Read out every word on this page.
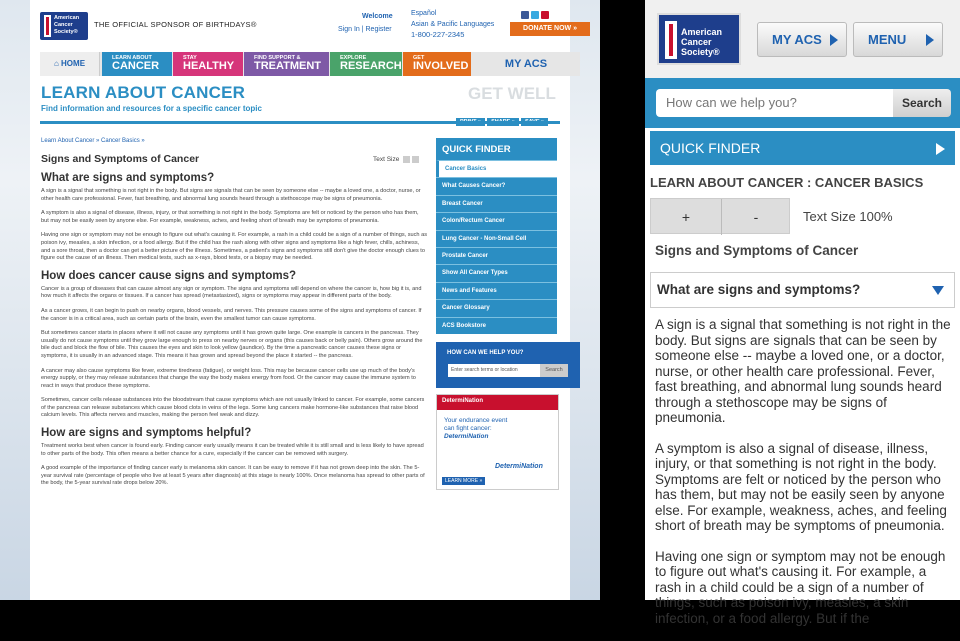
American Cancer Society®
THE OFFICIAL SPONSOR OF BIRTHDAYS®
Welcome
Sign In | Register
Español
Asian & Pacific Languages
1-800-227-2345
DONATE NOW »
⌂ HOME
LEARN ABOUT
CANCER
STAY
HEALTHY
FIND SUPPORT &
TREATMENT
EXPLORE
RESEARCH
GET
INVOLVED	MY ACS
LEARN ABOUT CANCER
Find information and resources for a specific cancer topic
GET WELL
Learn About Cancer » Cancer Basics »
Signs and Symptoms of Cancer	Text Size
What are signs and symptoms?

A sign is a signal that something is not right in the body. But signs are signals that can be seen by someone else -- maybe a loved one, a doctor, nurse, or other health care professional. Fever, fast breathing, and abnormal lung sounds heard through a stethoscope may be signs of pneumonia.

A symptom is also a signal of disease, illness, injury, or that something is not right in the body. Symptoms are felt or noticed by the person who has them, but may not be easily seen by anyone else. For example, weakness, aches, and feeling short of breath may be symptoms of pneumonia.

Having one sign or symptom may not be enough to figure out what's causing it. For example, a rash in a child could be a sign of a number of things, such as poison ivy, measles, a skin infection, or a food allergy. But if the child has the rash along with other signs and symptoms like a high fever, chills, achiness, and a sore throat, then a doctor can get a better picture of the illness. Sometimes, a patient's signs and symptoms still don't give the doctor enough clues to figure out the cause of an illness. Then medical tests, such as x-rays, blood tests, or a biopsy may be needed.

How does cancer cause signs and symptoms?

Cancer is a group of diseases that can cause almost any sign or symptom. The signs and symptoms will depend on where the cancer is, how big it is, and how much it affects the organs or tissues. If a cancer has spread (metastasized), signs or symptoms may appear in different parts of the body.

As a cancer grows, it can begin to push on nearby organs, blood vessels, and nerves. This pressure causes some of the signs and symptoms of cancer. If the cancer is in a critical area, such as certain parts of the brain, even the smallest tumor can cause symptoms.

But sometimes cancer starts in places where it will not cause any symptoms until it has grown quite large. One example is cancers in the pancreas. They usually do not cause symptoms until they grow large enough to press on nearby nerves or organs (this causes back or belly pain). Others grow around the bile duct and block the flow of bile. This causes the eyes and skin to look yellow (jaundice). By the time a pancreatic cancer causes these signs or symptoms, it is usually in an advanced stage. This means it has grown and spread beyond the place it started -- the pancreas.

A cancer may also cause symptoms like fever, extreme tiredness (fatigue), or weight loss. This may be because cancer cells use up much of the body's energy supply, or they may release substances that change the way the body makes energy from food. Or the cancer may cause the immune system to react in ways that produce these symptoms.

Sometimes, cancer cells release substances into the bloodstream that cause symptoms which are not usually linked to cancer. For example, some cancers of the pancreas can release substances which cause blood clots in veins of the legs. Some lung cancers make hormone-like substances that raise blood calcium levels. This affects nerves and muscles, making the person feel weak and dizzy.

How are signs and symptoms helpful?

Treatment works best when cancer is found early. Finding cancer early usually means it can be treated while it is still small and is less likely to have spread to other parts of the body. This often means a better chance for a cure, especially if the cancer can be removed with surgery.

A good example of the importance of finding cancer early is melanoma skin cancer. It can be easy to remove if it has not grown deep into the skin. The 5-year survival rate (percentage of people who live at least 5 years after diagnosis) at this stage is nearly 100%. Once melanoma has spread to other parts of the body, the 5-year survival rate drops below 20%.

QUICK FINDER
Cancer Basics
What Causes Cancer?
Breast Cancer
Colon/Rectum Cancer
Lung Cancer - Non-Small Cell
Prostate Cancer
Show All Cancer Types
News and Features
Cancer Glossary
ACS Bookstore
HOW CAN WE HELP YOU?
Enter search terms or location	Search
DetermiNation
Your endurance event
can fight cancer:
DetermiNation
DetermiNation
LEARN MORE »
American Cancer Society®
MY ACS	MENU
How can we help you?	Search
QUICK FINDER
LEARN ABOUT CANCER : CANCER BASICS
+	-	Text Size 100%
Signs and Symptoms of Cancer
What are signs and symptoms?

A sign is a signal that something is not right in the body. But signs are signals that can be seen by someone else -- maybe a loved one, or a doctor, nurse, or other health care professional. Fever, fast breathing, and abnormal lung sounds heard through a stethoscope may be signs of pneumonia.

A symptom is also a signal of disease, illness, injury, or that something is not right in the body. Symptoms are felt or noticed by the person who has them, but may not be easily seen by anyone else. For example, weakness, aches, and feeling short of breath may be symptoms of pneumonia.

Having one sign or symptom may not be enough to figure out what's causing it. For example, a rash in a child could be a sign of a number of things, such as poison ivy, measles, a skin infection, or a food allergy. But if the
